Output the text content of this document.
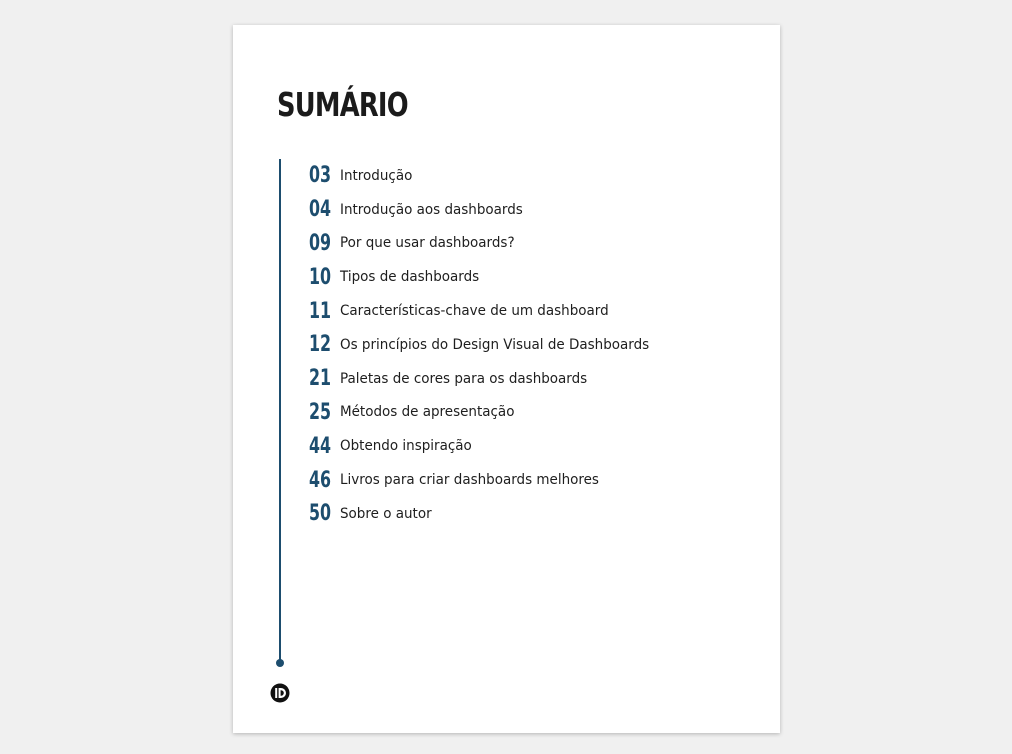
SUMÁRIO
03 Introdução
04 Introdução aos dashboards
09 Por que usar dashboards?
10 Tipos de dashboards
11 Características-chave de um dashboard
12 Os princípios do Design Visual de Dashboards
21 Paletas de cores para os dashboards
25 Métodos de apresentação
44 Obtendo inspiração
46 Livros para criar dashboards melhores
50 Sobre o autor
